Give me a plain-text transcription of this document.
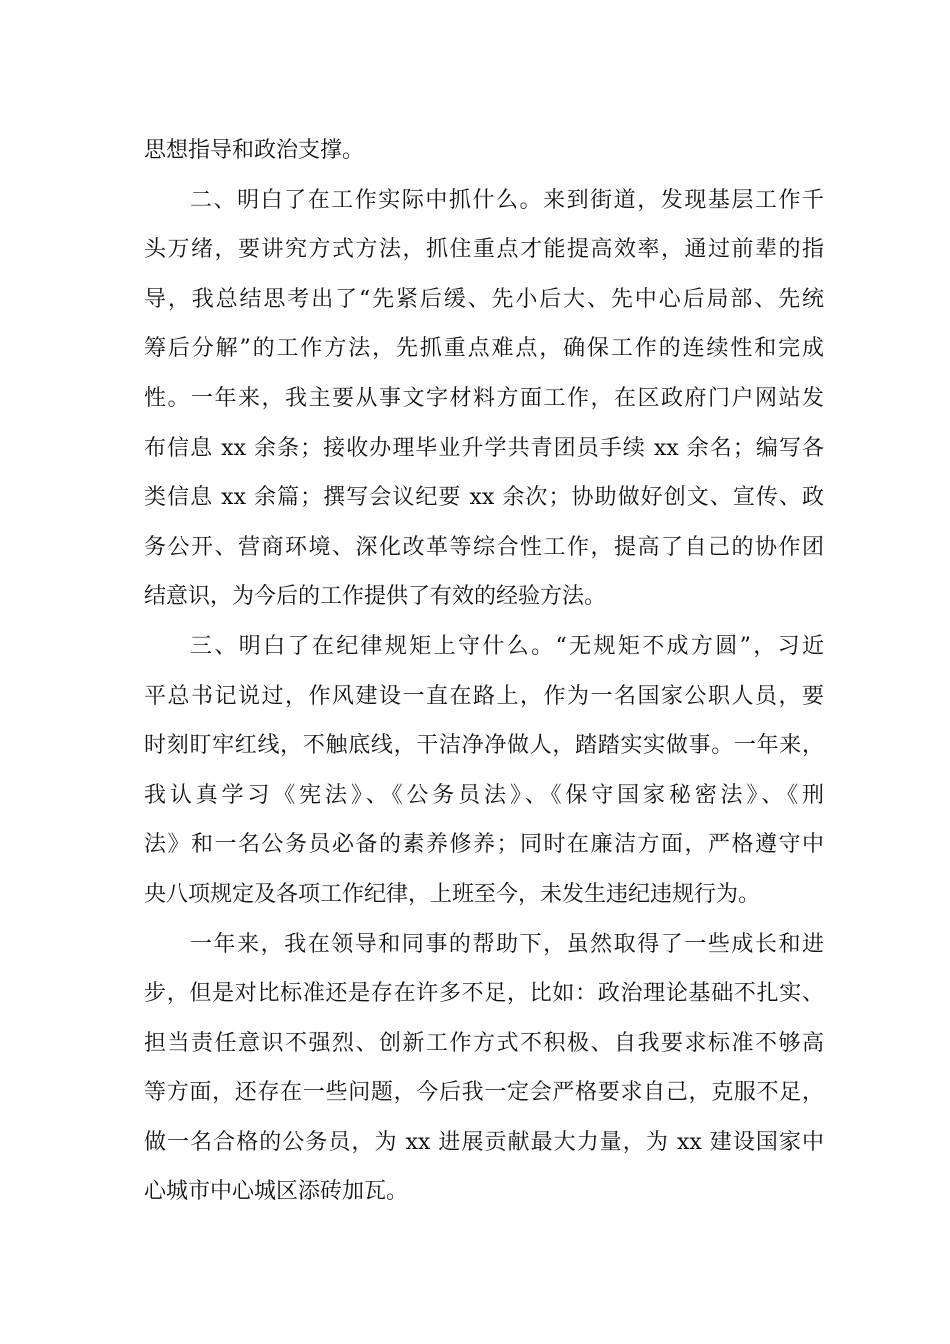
思想指导和政治支撑。
二、明白了在工作实际中抓什么。来到街道，发现基层工作千
头万绪，要讲究方式方法，抓住重点才能提高效率，通过前辈的指
导，我总结思考出了“先紧后缓、先小后大、先中心后局部、先统
筹后分解”的工作方法，先抓重点难点，确保工作的连续性和完成
性。一年来，我主要从事文字材料方面工作，在区政府门户网站发
布信息 xx 余条；接收办理毕业升学共青团员手续 xx 余名；编写各
类信息 xx 余篇；撰写会议纪要 xx 余次；协助做好创文、宣传、政
务公开、营商环境、深化改革等综合性工作，提高了自己的协作团
结意识，为今后的工作提供了有效的经验方法。
三、明白了在纪律规矩上守什么。“无规矩不成方圆”，习近
平总书记说过，作风建设一直在路上，作为一名国家公职人员，要
时刻盯牢红线，不触底线，干洁净净做人，踏踏实实做事。一年来，
我认真学习《宪法》、《公务员法》、《保守国家秘密法》、《刑
法》和一名公务员必备的素养修养；同时在廉洁方面，严格遵守中
央八项规定及各项工作纪律，上班至今，未发生违纪违规行为。
一年来，我在领导和同事的帮助下，虽然取得了一些成长和进
步，但是对比标准还是存在许多不足，比如：政治理论基础不扎实、
担当责任意识不强烈、创新工作方式不积极、自我要求标准不够高
等方面，还存在一些问题，今后我一定会严格要求自己，克服不足，
做一名合格的公务员，为 xx 进展贡献最大力量，为 xx 建设国家中
心城市中心城区添砖加瓦。
